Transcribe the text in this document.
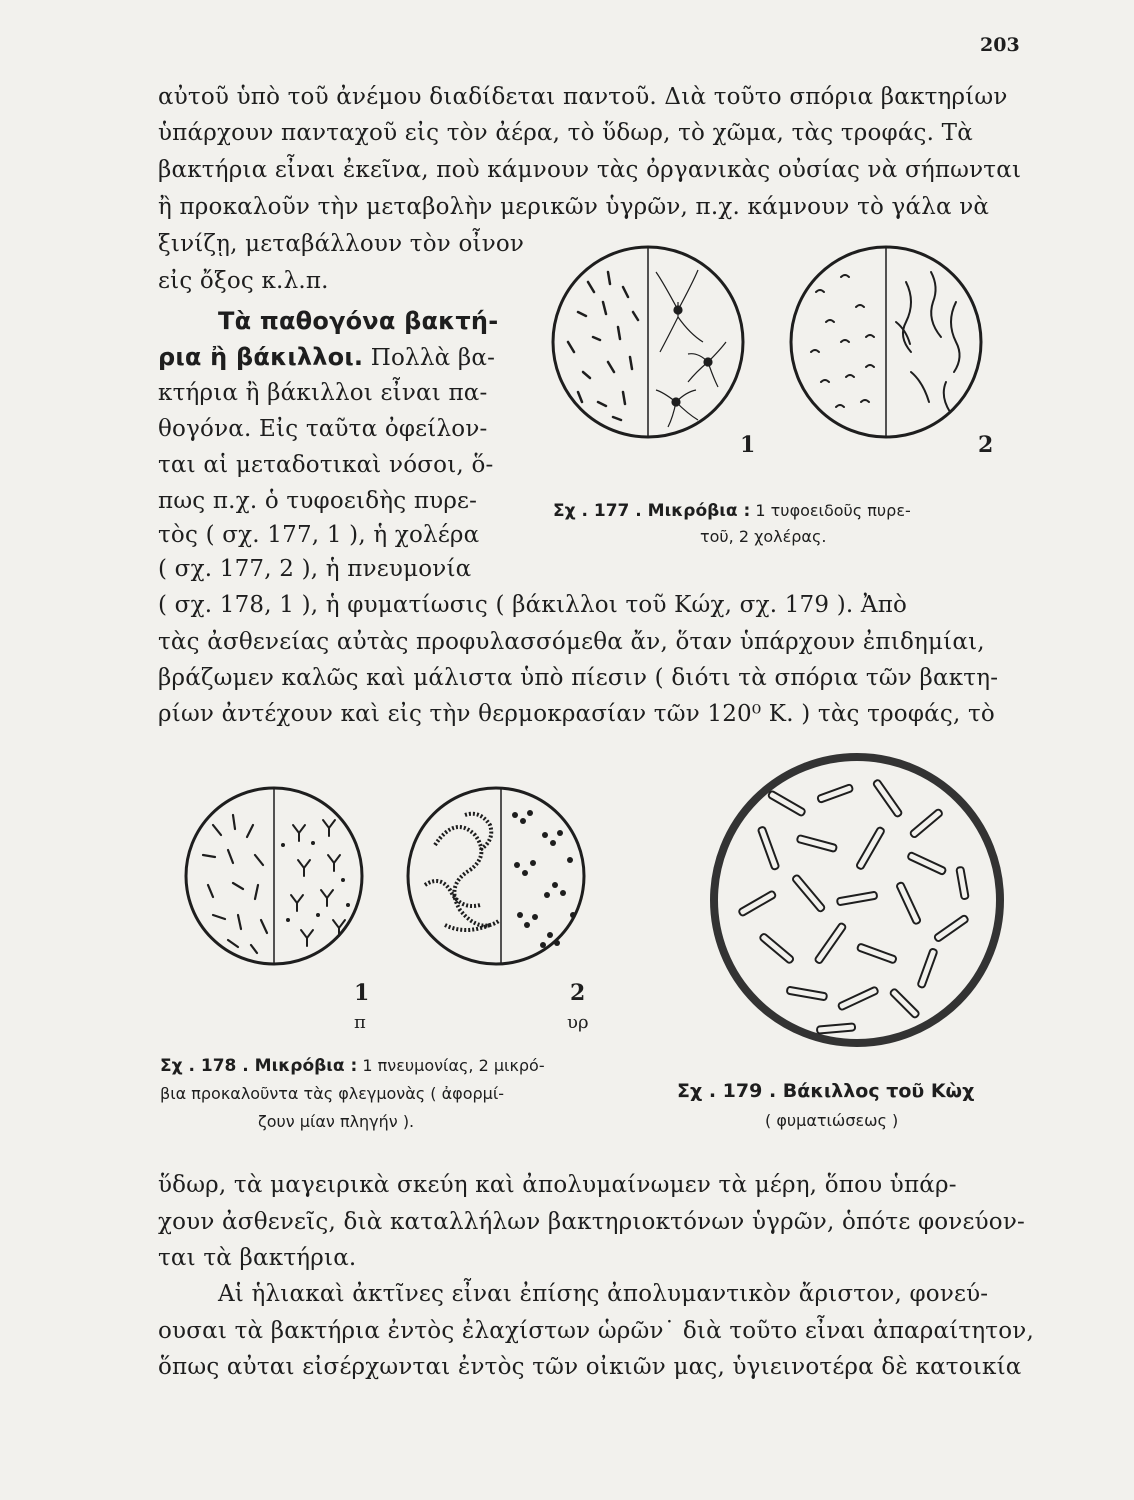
203
αὐτοῦ ὑπὸ τοῦ ἀνέμου διαδίδεται παντοῦ. Διὰ τοῦτο σπόρια βακτηρίων
ὑπάρχουν πανταχοῦ εἰς τὸν ἀέρα, τὸ ὕδωρ, τὸ χῶμα, τὰς τροφάς. Τὰ
βακτήρια εἶναι ἐκεῖνα, ποὺ κάμνουν τὰς ὀργανικὰς οὐσίας νὰ σήπωνται
ἢ προκαλοῦν τὴν μεταβολὴν μερικῶν ὑγρῶν, π.χ. κάμνουν τὸ γάλα νὰ
ξινίζῃ, μεταβάλλουν τὸν οἶνον
εἰς ὄξος κ.λ.π.
Τὰ παθογόνα βακτή-
ρια ἢ βάκιλλοι. Πολλὰ βα-
κτήρια ἢ βάκιλλοι εἶναι πα-
θογόνα. Εἰς ταῦτα ὀφείλον-
ται αἱ μεταδοτικαὶ νόσοι, ὅ-
πως π.χ. ὁ τυφοειδὴς πυρε-
τὸς ( σχ. 177, 1 ), ἡ χολέρα
( σχ. 177, 2 ), ἡ πνευμονία
1	2
Σχ . 177 . Μικρόβια : 1 τυφοειδοῦς πυρε-
τοῦ, 2 χολέρας.
( σχ. 178, 1 ), ἡ φυματίωσις ( βάκιλλοι τοῦ Κώχ, σχ. 179 ). Ἀπὸ
τὰς ἀσθενείας αὐτὰς προφυλασσόμεθα ἄν, ὅταν ὑπάρχουν ἐπιδημίαι,
βράζωμεν καλῶς καὶ μάλιστα ὑπὸ πίεσιν ( διότι τὰ σπόρια τῶν βακτη-
ρίων ἀντέχουν καὶ εἰς τὴν θερμοκρασίαν τῶν 120⁰ Κ. ) τὰς τροφάς, τὸ
1	2
π	υρ
Σχ . 178 . Μικρόβια : 1 πνευμονίας, 2 μικρό-
βια προκαλοῦντα τὰς φλεγμονὰς ( ἀφορμί-
ζουν μίαν πληγήν ).
Σχ . 179 . Βάκιλλος τοῦ Κὼχ
( φυματιώσεως )
ὕδωρ, τὰ μαγειρικὰ σκεύη καὶ ἀπολυμαίνωμεν τὰ μέρη, ὅπου ὑπάρ-
χουν ἀσθενεῖς, διὰ καταλλήλων βακτηριοκτόνων ὑγρῶν, ὁπότε φονεύον-
ται τὰ βακτήρια.
Αἱ ἡλιακαὶ ἀκτῖνες εἶναι ἐπίσης ἀπολυμαντικὸν ἄριστον, φονεύ-
ουσαι τὰ βακτήρια ἐντὸς ἐλαχίστων ὡρῶν˙ διὰ τοῦτο εἶναι ἀπαραίτητον,
ὅπως αὐται εἰσέρχωνται ἐντὸς τῶν οἰκιῶν μας, ὑγιεινοτέρα δὲ κατοικία
